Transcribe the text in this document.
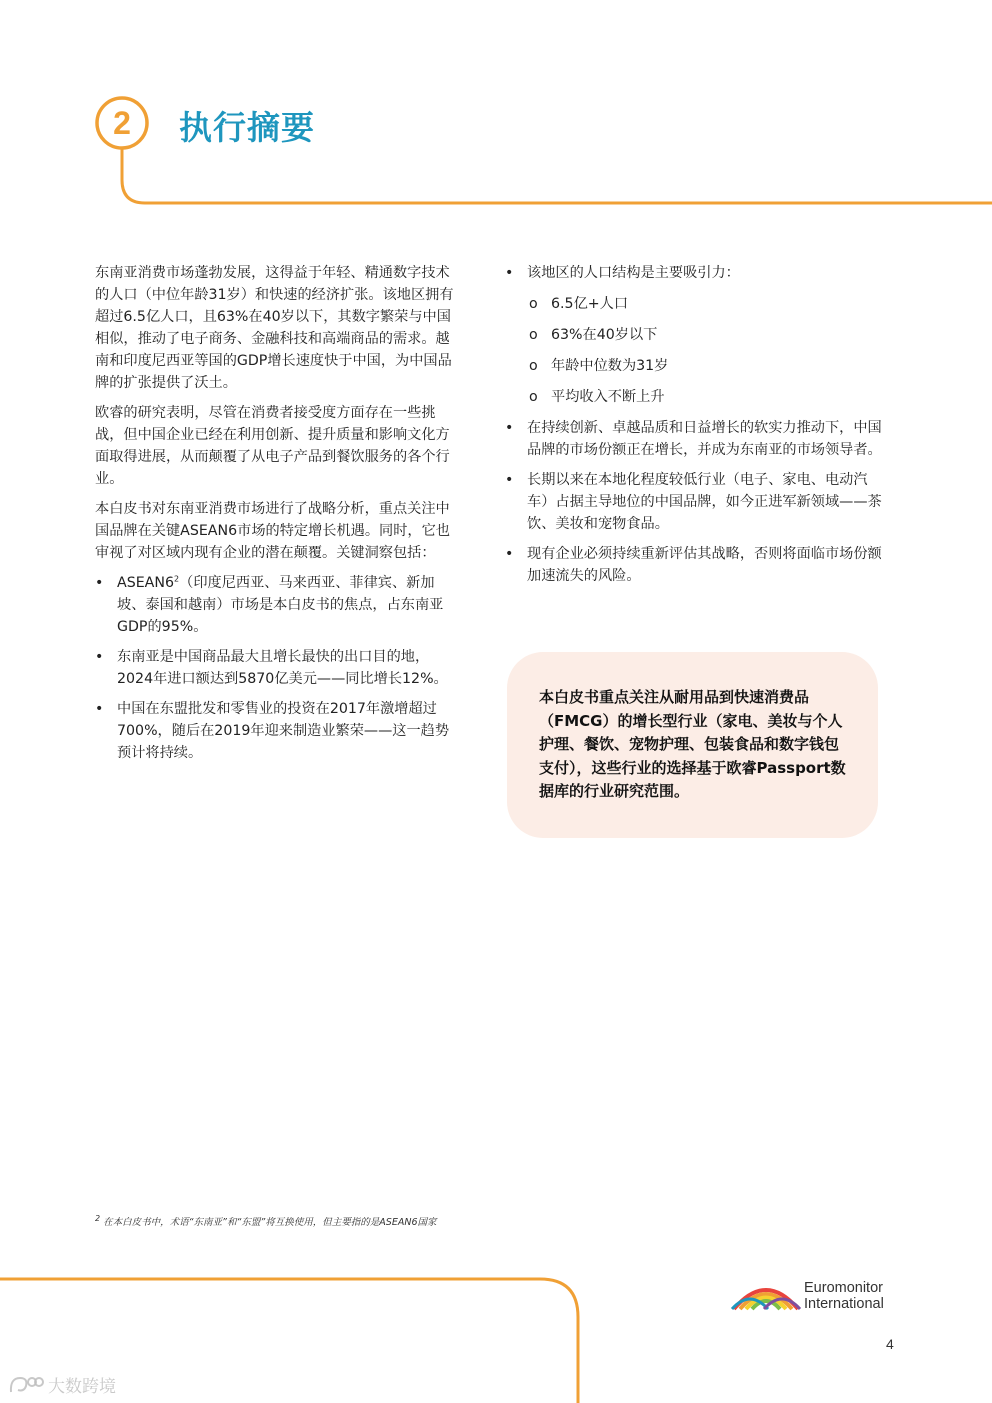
2	执行摘要

东南亚消费市场蓬勃发展，这得益于年轻、精通数字技术的人口（中位年龄31岁）和快速的经济扩张。该地区拥有超过6.5亿人口，且63%在40岁以下，其数字繁荣与中国相似，推动了电子商务、金融科技和高端商品的需求。越南和印度尼西亚等国的GDP增长速度快于中国，为中国品牌的扩张提供了沃土。

欧睿的研究表明，尽管在消费者接受度方面存在一些挑战，但中国企业已经在利用创新、提升质量和影响文化方面取得进展，从而颠覆了从电子产品到餐饮服务的各个行业。

本白皮书对东南亚消费市场进行了战略分析，重点关注中国品牌在关键ASEAN6市场的特定增长机遇。同时，它也审视了对区域内现有企业的潜在颠覆。关键洞察包括：

• $ASEAN6^2$（印度尼西亚、马来西亚、菲律宾、新加坡、泰国和越南）市场是本白皮书的焦点，占东南亚GDP的95%。
• 东南亚是中国商品最大且增长最快的出口目的地，2024年进口额达到5870亿美元——同比增长12%。
• 中国在东盟批发和零售业的投资在2017年激增超过700%，随后在2019年迎来制造业繁荣——这一趋势预计将持续。
• 该地区的人口结构是主要吸引力：
o 6.5亿+人口
o 63%在40岁以下
o 年龄中位数为31岁
o 平均收入不断上升
• 在持续创新、卓越品质和日益增长的软实力推动下，中国品牌的市场份额正在增长，并成为东南亚的市场领导者。
• 长期以来在本地化程度较低行业（电子、家电、电动汽车）占据主导地位的中国品牌，如今正进军新领域——茶饮、美妆和宠物食品。
• 现有企业必须持续重新评估其战略，否则将面临市场份额加速流失的风险。

本白皮书重点关注从耐用品到快速消费品（FMCG）的增长型行业（家电、美妆与个人护理、餐饮、宠物护理、包装食品和数字钱包支付），这些行业的选择基于欧睿Passport数据库的行业研究范围。

$^2$ 在本白皮书中，术语“东南亚”和“东盟”将互换使用，但主要指的是ASEAN6国家
Euromonitor
International
4
大数跨境
